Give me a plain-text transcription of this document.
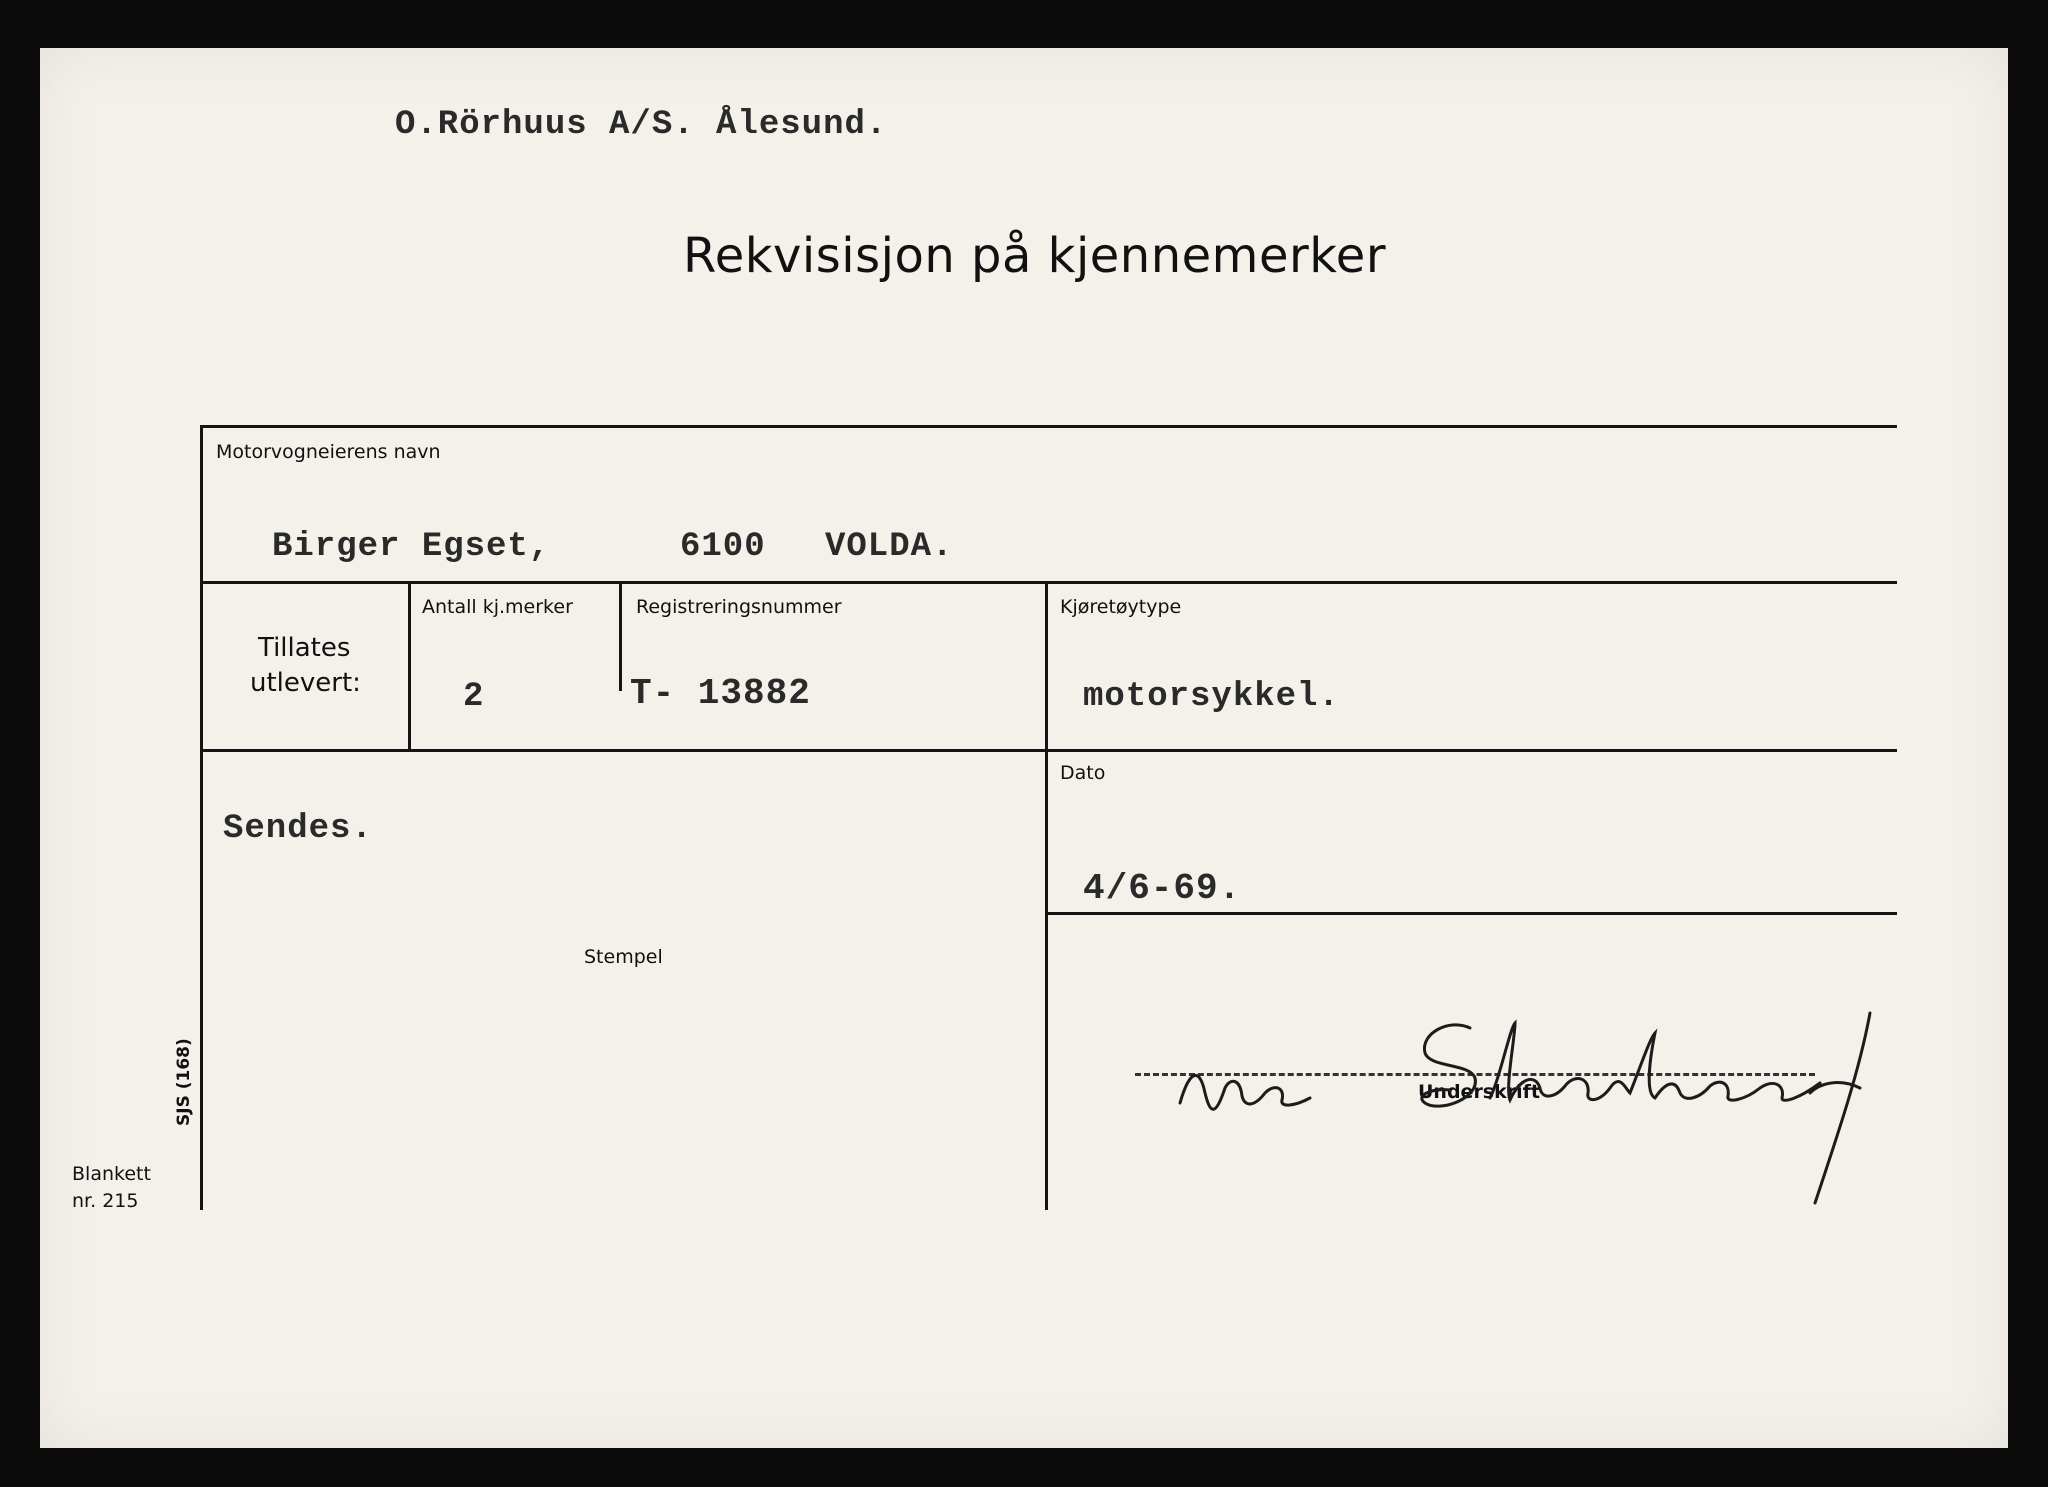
O.Rörhuus A/S. Ålesund.
Rekvisisjon på kjennemerker
Motorvogneierens navn
Birger Egset,	6100 VOLDA.
Tillates
utlevert:
Antall kj.merker
2
Registreringsnummer
T- 13882
Kjøretøytype
motorsykkel.
Sendes.
Stempel
Dato
4/6-69.
Underskrift
SJS (168)
Blankett
nr. 215
